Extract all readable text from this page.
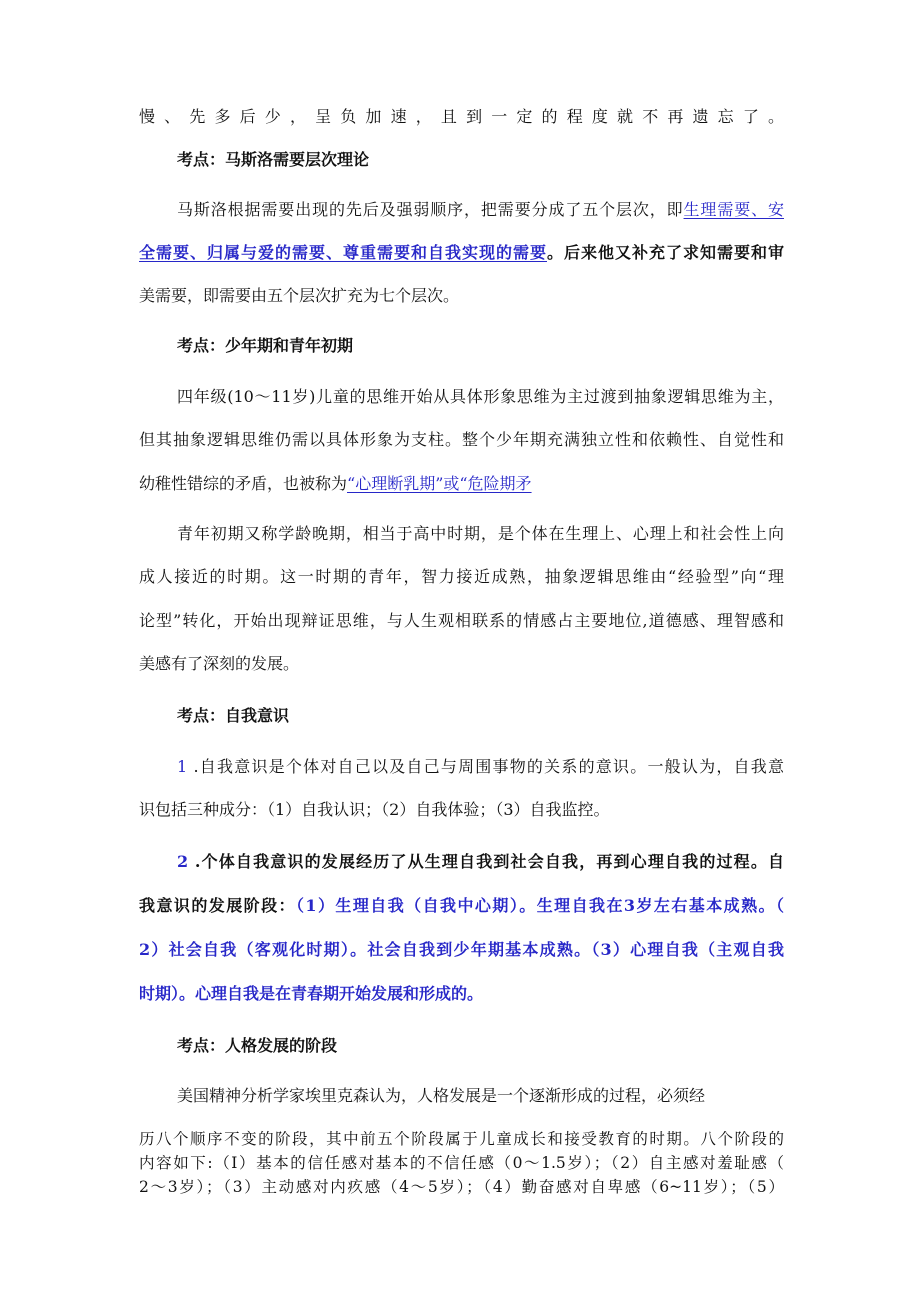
慢、先多后少，呈负加速，且到一定的程度就不再遗忘了。
考点：马斯洛需要层次理论
马斯洛根据需要出现的先后及强弱顺序，把需要分成了五个层次，即生理需要、安
全需要、归属与爱的需要、尊重需要和自我实现的需要。后来他又补充了求知需要和审
美需要，即需要由五个层次扩充为七个层次。
考点：少年期和青年初期
四年级(10～11岁)儿童的思维开始从具体形象思维为主过渡到抽象逻辑思维为主，
但其抽象逻辑思维仍需以具体形象为支柱。整个少年期充满独立性和依赖性、自觉性和
幼稚性错综的矛盾，也被称为“心理断乳期”或“危险期矛
青年初期又称学龄晚期，相当于高中时期，是个体在生理上、心理上和社会性上向
成人接近的时期。这一时期的青年，智力接近成熟，抽象逻辑思维由“经验型”向“理
论型”转化，开始出现辩证思维，与人生观相联系的情感占主要地位,道德感、理智感和
美感有了深刻的发展。
考点：自我意识
1 .自我意识是个体对自己以及自己与周围事物的关系的意识。一般认为，自我意
识包括三种成分：（1）自我认识；（2）自我体验；（3）自我监控。
2 .个体自我意识的发展经历了从生理自我到社会自我，再到心理自我的过程。自
我意识的发展阶段：（1）生理自我（自我中心期）。生理自我在3岁左右基本成熟。（
2）社会自我（客观化时期）。社会自我到少年期基本成熟。（3）心理自我（主观自我
时期）。心理自我是在青春期开始发展和形成的。
考点：人格发展的阶段
美国精神分析学家埃里克森认为，人格发展是一个逐渐形成的过程，必须经
历八个顺序不变的阶段，其中前五个阶段属于儿童成长和接受教育的时期。八个阶段的
内容如下:（I）基本的信任感对基本的不信任感（0～1.5岁）；（2）自主感对羞耻感（
2～3岁）；（3）主动感对内疚感（4～5岁）；（4）勤奋感对自卑感（6~11岁）；（5）
